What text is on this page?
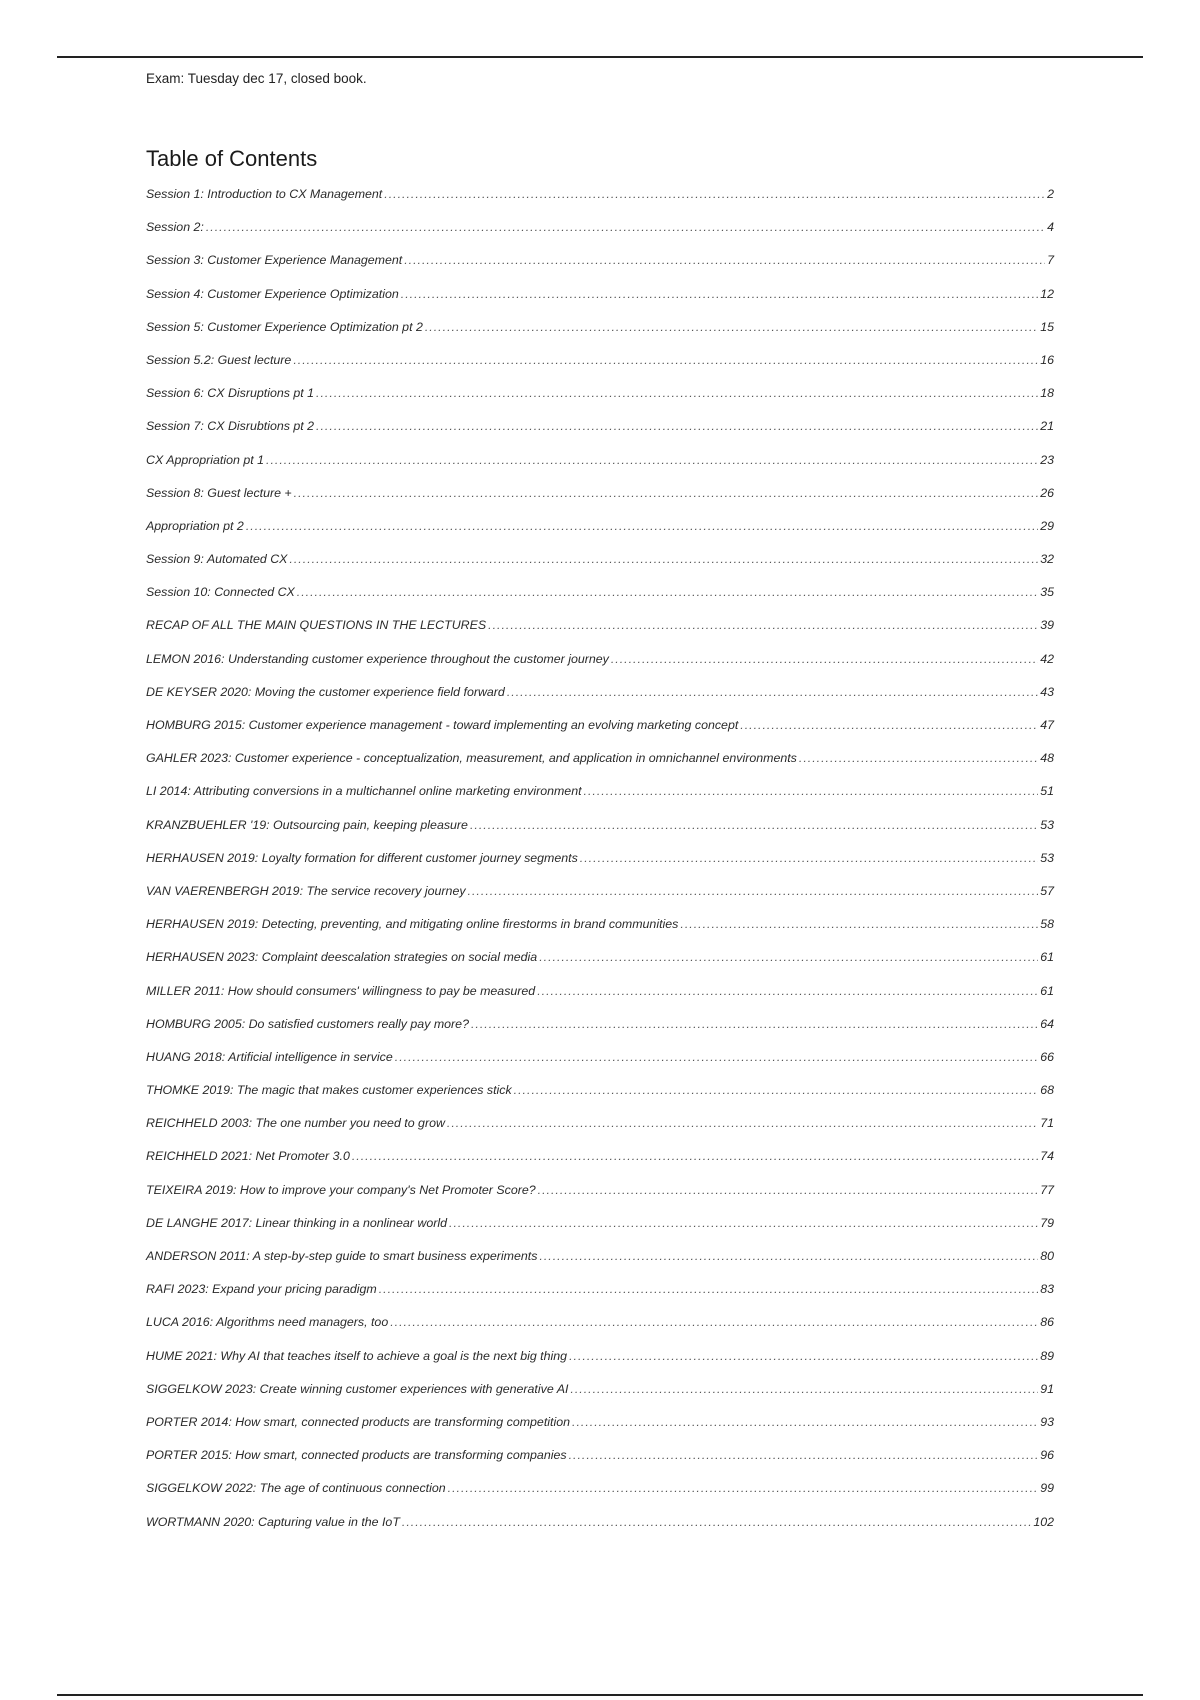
Exam: Tuesday dec 17, closed book.
Table of Contents
Session 1: Introduction to CX Management .....	2
Session 2: .....	4
Session 3: Customer Experience Management .....	7
Session 4: Customer Experience Optimization .....	12
Session 5: Customer Experience Optimization pt 2 .....	15
Session 5.2: Guest lecture .....	16
Session 6: CX Disruptions pt 1 .....	18
Session 7: CX Disrubtions pt 2 .....	21
CX Appropriation pt 1 .....	23
Session 8: Guest lecture + .....	26
Appropriation pt 2 .....	29
Session 9: Automated CX .....	32
Session 10: Connected CX .....	35
RECAP OF ALL THE MAIN QUESTIONS IN THE LECTURES .....	39
LEMON 2016: Understanding customer experience throughout the customer journey .....	42
DE KEYSER 2020: Moving the customer experience field forward .....	43
HOMBURG 2015: Customer experience management - toward implementing an evolving marketing concept .....	47
GAHLER 2023: Customer experience - conceptualization, measurement, and application in omnichannel environments .....	48
LI 2014: Attributing conversions in a multichannel online marketing environment .....	51
KRANZBUEHLER '19: Outsourcing pain, keeping pleasure .....	53
HERHAUSEN 2019: Loyalty formation for different customer journey segments .....	53
VAN VAERENBERGH 2019: The service recovery journey .....	57
HERHAUSEN 2019: Detecting, preventing, and mitigating online firestorms in brand communities .....	58
HERHAUSEN 2023: Complaint deescalation strategies on social media .....	61
MILLER 2011: How should consumers' willingness to pay be measured .....	61
HOMBURG 2005: Do satisfied customers really pay more? .....	64
HUANG 2018: Artificial intelligence in service .....	66
THOMKE 2019: The magic that makes customer experiences stick .....	68
REICHHELD 2003: The one number you need to grow .....	71
REICHHELD 2021: Net Promoter 3.0 .....	74
TEIXEIRA 2019: How to improve your company's Net Promoter Score? .....	77
DE LANGHE 2017: Linear thinking in a nonlinear world .....	79
ANDERSON 2011: A step-by-step guide to smart business experiments .....	80
RAFI 2023: Expand your pricing paradigm .....	83
LUCA 2016: Algorithms need managers, too .....	86
HUME 2021: Why AI that teaches itself to achieve a goal is the next big thing .....	89
SIGGELKOW 2023: Create winning customer experiences with generative AI .....	91
PORTER 2014: How smart, connected products are transforming competition .....	93
PORTER 2015: How smart, connected products are transforming companies .....	96
SIGGELKOW 2022: The age of continuous connection .....	99
WORTMANN 2020: Capturing value in the IoT .....	102
